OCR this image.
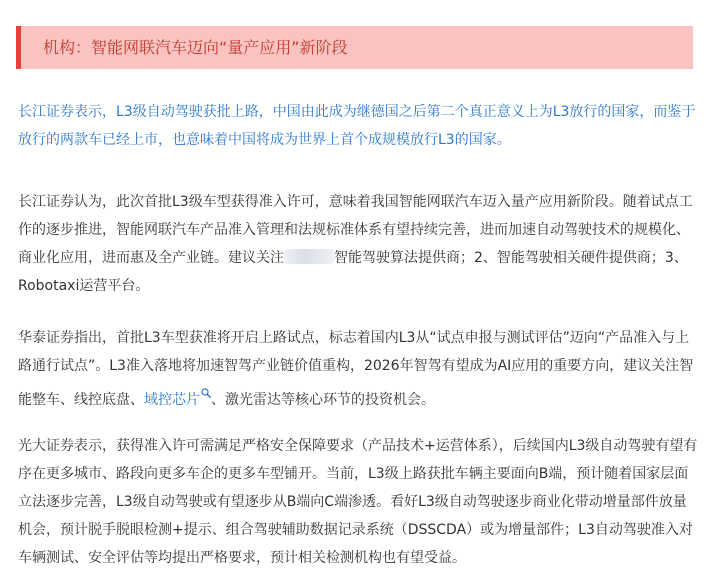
机构：智能网联汽车迈向“量产应用”新阶段

长江证券表示，L3级自动驾驶获批上路，中国由此成为继德国之后第二个真正意义上为L3放行的国家，而鉴于放行的两款车已经上市，也意味着中国将成为世界上首个成规模放行L3的国家。

长江证券认为，此次首批L3级车型获得准入许可，意味着我国智能网联汽车迈入量产应用新阶段。随着试点工作的逐步推进，智能网联汽车产品准入管理和法规标准体系有望持续完善，进而加速自动驾驶技术的规模化、商业化应用，进而惠及全产业链。建议关注	智能驾驶算法提供商；2、智能驾驶相关硬件提供商；3、Robotaxi运营平台。

华泰证券指出，首批L3车型获准将开启上路试点，标志着国内L3从“试点申报与测试评估”迈向“产品准入与上路通行试点”。L3准入落地将加速智驾产业链价值重构，2026年智驾有望成为AI应用的重要方向，建议关注智能整车、线控底盘、域控芯片 、激光雷达等核心环节的投资机会。

光大证券表示，获得准入许可需满足严格安全保障要求（产品技术+运营体系），后续国内L3级自动驾驶有望有序在更多城市、路段向更多车企的更多车型铺开。当前，L3级上路获批车辆主要面向B端，预计随着国家层面立法逐步完善，L3级自动驾驶或有望逐步从B端向C端渗透。看好L3级自动驾驶逐步商业化带动增量部件放量机会，预计脱手脱眼检测+提示、组合驾驶辅助数据记录系统（DSSCDA）或为增量部件；L3自动驾驶准入对车辆测试、安全评估等均提出严格要求，预计相关检测机构也有望受益。
